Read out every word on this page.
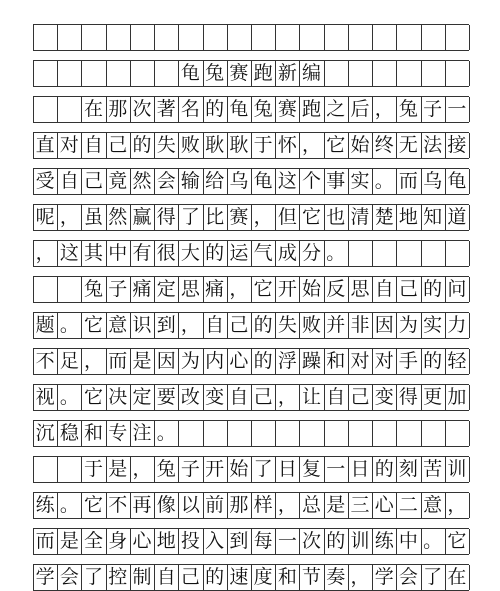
龟 兔 赛 跑 新 编
在 那 次 著 名 的 龟 兔 赛 跑 之 后 ， 兔 子 一
直 对 自 己 的 失 败 耿 耿 于 怀 ， 它 始 终 无 法 接
受 自 己 竟 然 会 输 给 乌 龟 这 个 事 实 。 而 乌 龟
呢 ， 虽 然 赢 得 了 比 赛 ， 但 它 也 清 楚 地 知 道
， 这 其 中 有 很 大 的 运 气 成 分 。
兔 子 痛 定 思 痛 ， 它 开 始 反 思 自 己 的 问
题 。 它 意 识 到 ， 自 己 的 失 败 并 非 因 为 实 力
不 足 ， 而 是 因 为 内 心 的 浮 躁 和 对 对 手 的 轻
视 。 它 决 定 要 改 变 自 己 ， 让 自 己 变 得 更 加
沉 稳 和 专 注 。
于 是 ， 兔 子 开 始 了 日 复 一 日 的 刻 苦 训
练 。 它 不 再 像 以 前 那 样 ， 总 是 三 心 二 意 ，
而 是 全 身 心 地 投 入 到 每 一 次 的 训 练 中 。 它
学 会 了 控 制 自 己 的 速 度 和 节 奏 ， 学 会 了 在
